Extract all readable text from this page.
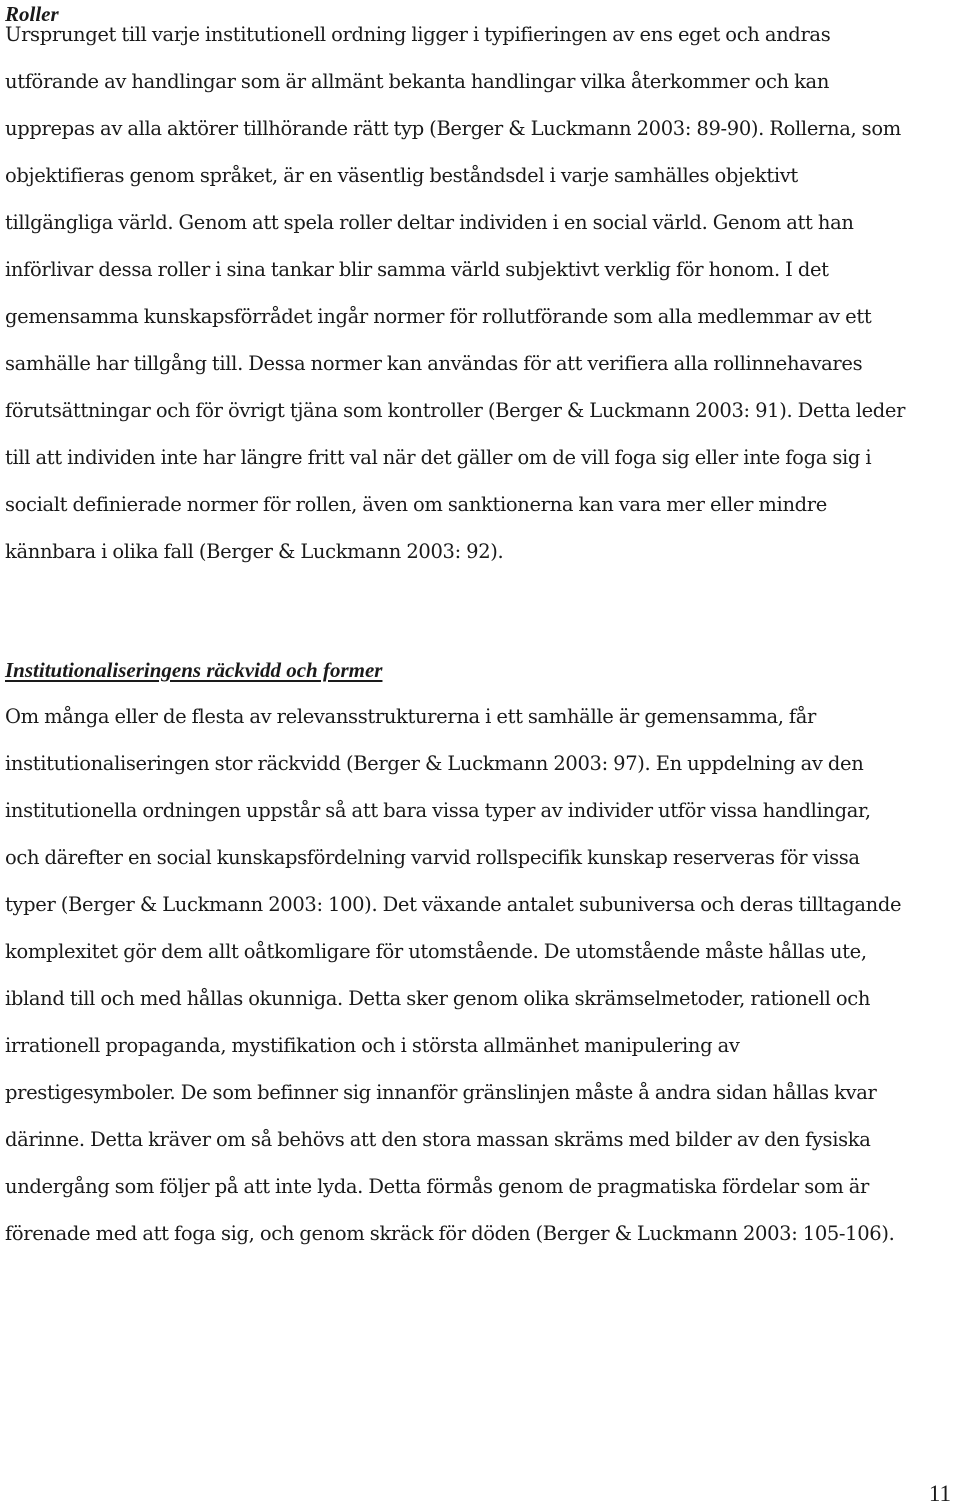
Roller

Ursprunget till varje institutionell ordning ligger i typifieringen av ens eget och andras
utförande av handlingar som är allmänt bekanta handlingar vilka återkommer och kan
upprepas av alla aktörer tillhörande rätt typ (Berger & Luckmann 2003: 89-90). Rollerna, som
objektifieras genom språket, är en väsentlig beståndsdel i varje samhälles objektivt
tillgängliga värld. Genom att spela roller deltar individen i en social värld. Genom att han
införlivar dessa roller i sina tankar blir samma värld subjektivt verklig för honom. I det
gemensamma kunskapsförrådet ingår normer för rollutförande som alla medlemmar av ett
samhälle har tillgång till. Dessa normer kan användas för att verifiera alla rollinnehavares
förutsättningar och för övrigt tjäna som kontroller (Berger & Luckmann 2003: 91). Detta leder
till att individen inte har längre fritt val när det gäller om de vill foga sig eller inte foga sig i
socialt definierade normer för rollen, även om sanktionerna kan vara mer eller mindre
kännbara i olika fall (Berger & Luckmann 2003: 92).

Institutionaliseringens räckvidd och former

Om många eller de flesta av relevansstrukturerna i ett samhälle är gemensamma, får
institutionaliseringen stor räckvidd (Berger & Luckmann 2003: 97). En uppdelning av den
institutionella ordningen uppstår så att bara vissa typer av individer utför vissa handlingar,
och därefter en social kunskapsfördelning varvid rollspecifik kunskap reserveras för vissa
typer (Berger & Luckmann 2003: 100). Det växande antalet subuniversa och deras tilltagande
komplexitet gör dem allt oåtkomligare för utomstående. De utomstående måste hållas ute,
ibland till och med hållas okunniga. Detta sker genom olika skrämselmetoder, rationell och
irrationell propaganda, mystifikation och i största allmänhet manipulering av
prestigesymboler. De som befinner sig innanför gränslinjen måste å andra sidan hållas kvar
därinne. Detta kräver om så behövs att den stora massan skräms med bilder av den fysiska
undergång som följer på att inte lyda. Detta förmås genom de pragmatiska fördelar som är
förenade med att foga sig, och genom skräck för döden (Berger & Luckmann 2003: 105-106).

11
